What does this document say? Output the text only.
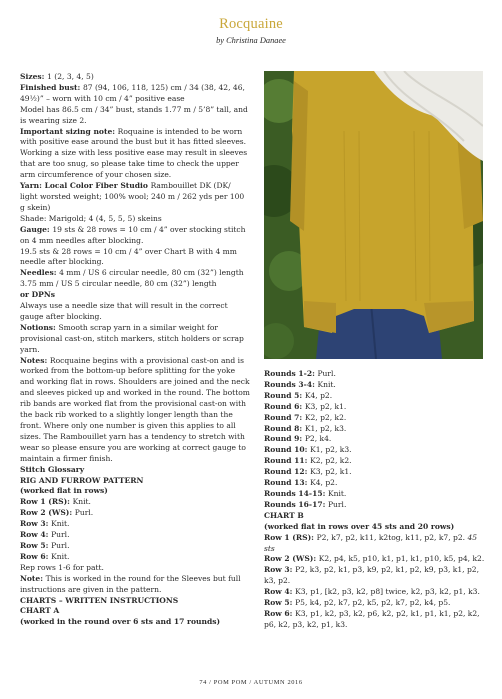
Rocquaine
by Christina Danaee

Sizes: 1 (2, 3, 4, 5)

Finished bust: 87 (94, 106, 118, 125) cm / 34 (38, 42, 46, 49½)” – worn with 10 cm / 4” positive ease

Model has 86.5 cm / 34” bust, stands 1.77 m / 5’8” tall, and is wearing size 2.

Important sizing note: Roquaine is intended to be worn with positive ease around the bust but it has fitted sleeves. Working a size with less positive ease may result in sleeves that are too snug, so please take time to check the upper arm circumference of your chosen size.

Yarn: Local Color Fiber Studio Rambouillet DK (DK/ light worsted weight; 100% wool; 240 m / 262 yds per 100 g skein)

Shade: Marigold; 4 (4, 5, 5, 5) skeins

Gauge: 19 sts & 28 rows = 10 cm / 4” over stocking stitch on 4 mm needles after blocking.

19.5 sts & 28 rows = 10 cm / 4” over Chart B with 4 mm needle after blocking.

Needles: 4 mm / US 6 circular needle, 80 cm (32”) length

3.75 mm / US 5 circular needle, 80 cm (32”) length

or DPNs

Always use a needle size that will result in the correct gauge after blocking.

Notions: Smooth scrap yarn in a similar weight for provisional cast-on, stitch markers, stitch holders or scrap yarn.

Notes: Rocquaine begins with a provisional cast-on and is worked from the bottom-up before splitting for the yoke and working flat in rows. Shoulders are joined and the neck and sleeves picked up and worked in the round. The bottom rib bands are worked flat from the provisional cast-on with the back rib worked to a slightly longer length than the front. Where only one number is given this applies to all sizes. The Rambouillet yarn has a tendency to stretch with wear so please ensure you are working at correct gauge to maintain a firmer finish.

Stitch Glossary

RIG AND FURROW PATTERN

(worked flat in rows)

Row 1 (RS): Knit.

Row 2 (WS): Purl.

Row 3: Knit.

Row 4: Purl.

Row 5: Purl.

Row 6: Knit.

Rep rows 1-6 for patt.

Note: This is worked in the round for the Sleeves but full instructions are given in the pattern.

CHARTS – WRITTEN INSTRUCTIONS

CHART A

(worked in the round over 6 sts and 17 rounds)

Rounds 1-2: Purl.

Rounds 3-4: Knit.

Round 5: K4, p2.

Round 6: K3, p2, k1.

Round 7: K2, p2, k2.

Round 8: K1, p2, k3.

Round 9: P2, k4.

Round 10: K1, p2, k3.

Round 11: K2, p2, k2.

Round 12: K3, p2, k1.

Round 13: K4, p2.

Rounds 14-15: Knit.

Rounds 16-17: Purl.

CHART B

(worked flat in rows over 45 sts and 20 rows)

Row 1 (RS): P2, k7, p2, k11, k2tog, k11, p2, k7, p2. 45 sts

Row 2 (WS): K2, p4, k5, p10, k1, p1, k1, p10, k5, p4, k2.

Row 3: P2, k3, p2, k1, p3, k9, p2, k1, p2, k9, p3, k1, p2, k3, p2.

Row 4: K3, p1, [k2, p3, k2, p8] twice, k2, p3, k2, p1, k3.

Row 5: P5, k4, p2, k7, p2, k5, p2, k7, p2, k4, p5.

Row 6: K3, p1, k2, p3, k2, p6, k2, p2, k1, p1, k1, p2, k2, p6, k2, p3, k2, p1, k3.

74 / POM POM / AUTUMN 2016
